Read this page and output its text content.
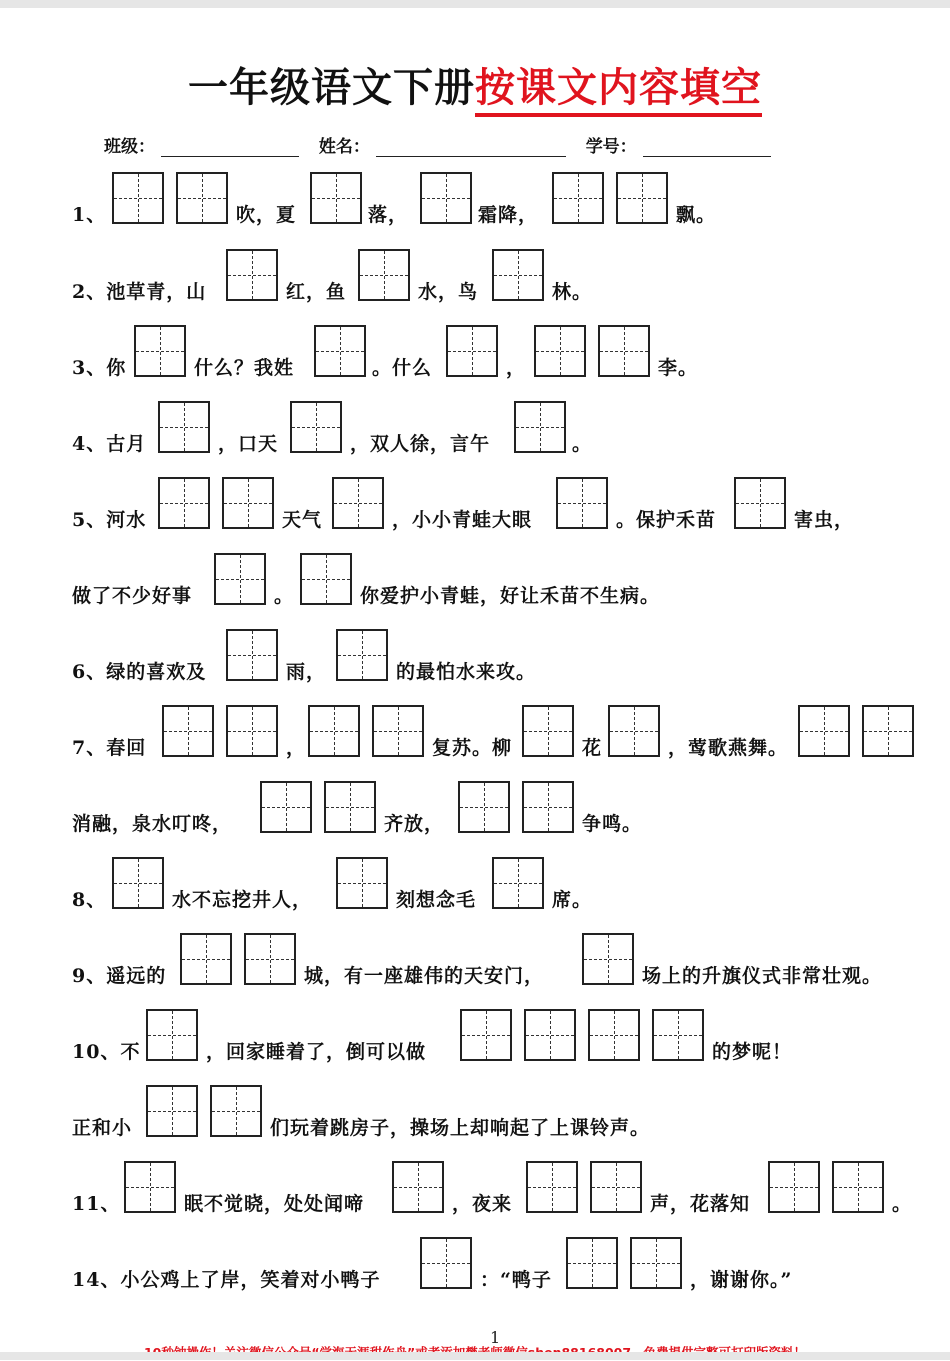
一年级语文下册按课文内容填空
班级：	姓名：	学号：
1、	吹，夏	落，	霜降，	飘。
2、池草青，山	红，鱼	水，鸟	林。
3、你	什么？我姓	。什么	，	李。
4、古月	，口天	，双人徐，言午	。
5、河水	天气	，小小青蛙大眼	。保护禾苗	害虫，
做了不少好事	。	你爱护小青蛙，好让禾苗不生病。
6、绿的喜欢及	雨，	的最怕水来攻。
7、春回	，	复苏。柳	花	，莺歌燕舞。
消融，泉水叮咚，	齐放，	争鸣。
8、	水不忘挖井人，	刻想念毛	席。
9、遥远的	城，有一座雄伟的天安门，	场上的升旗仪式非常壮观。
10、不	，回家睡着了，倒可以做	的梦呢！
正和小	们玩着跳房子，操场上却响起了上课铃声。
11、	眠不觉晓，处处闻啼	，夜来	声，花落知	。
14、小公鸡上了岸，笑着对小鸭子	：“鸭子	，谢谢你。”
1
